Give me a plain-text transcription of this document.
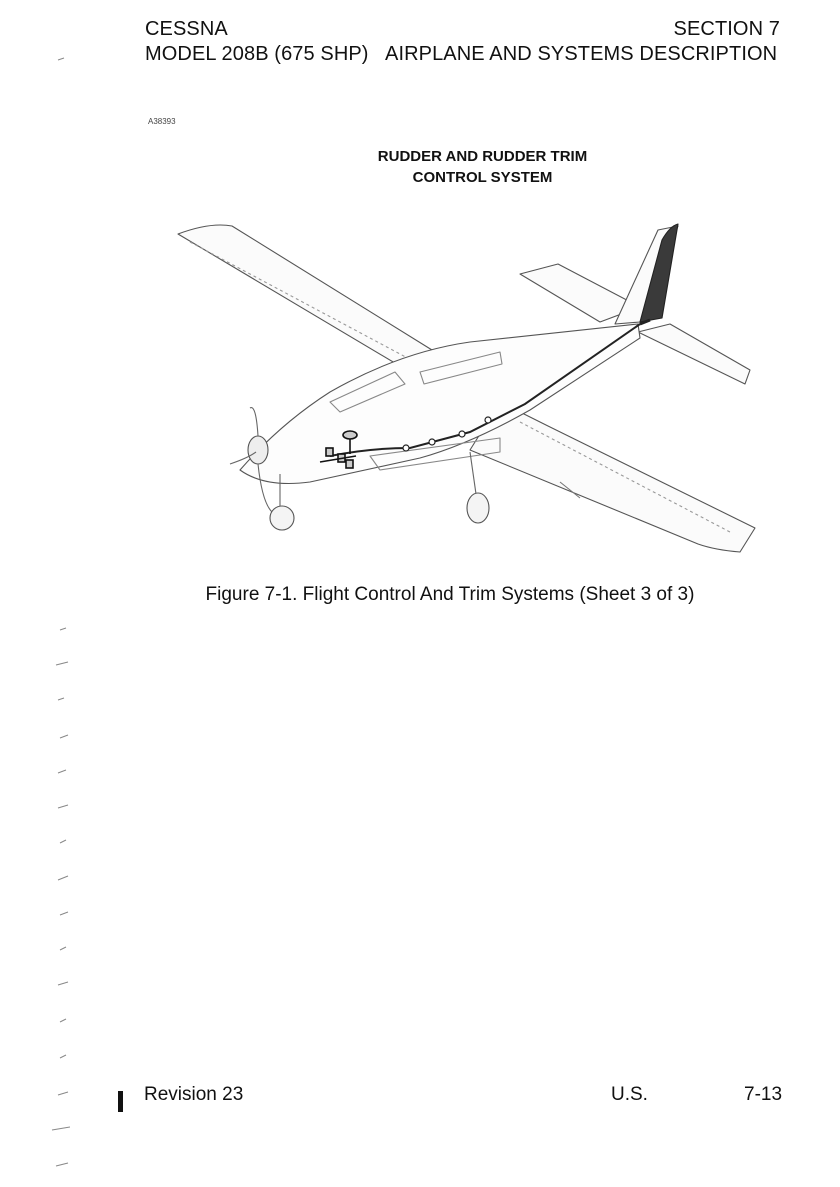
CESSNA
MODEL 208B (675 SHP)
SECTION 7
AIRPLANE AND SYSTEMS DESCRIPTION
A38393
RUDDER AND RUDDER TRIM
CONTROL SYSTEM
Figure 7-1. Flight Control And Trim Systems (Sheet 3 of 3)
Revision 23	U.S.	7-13
